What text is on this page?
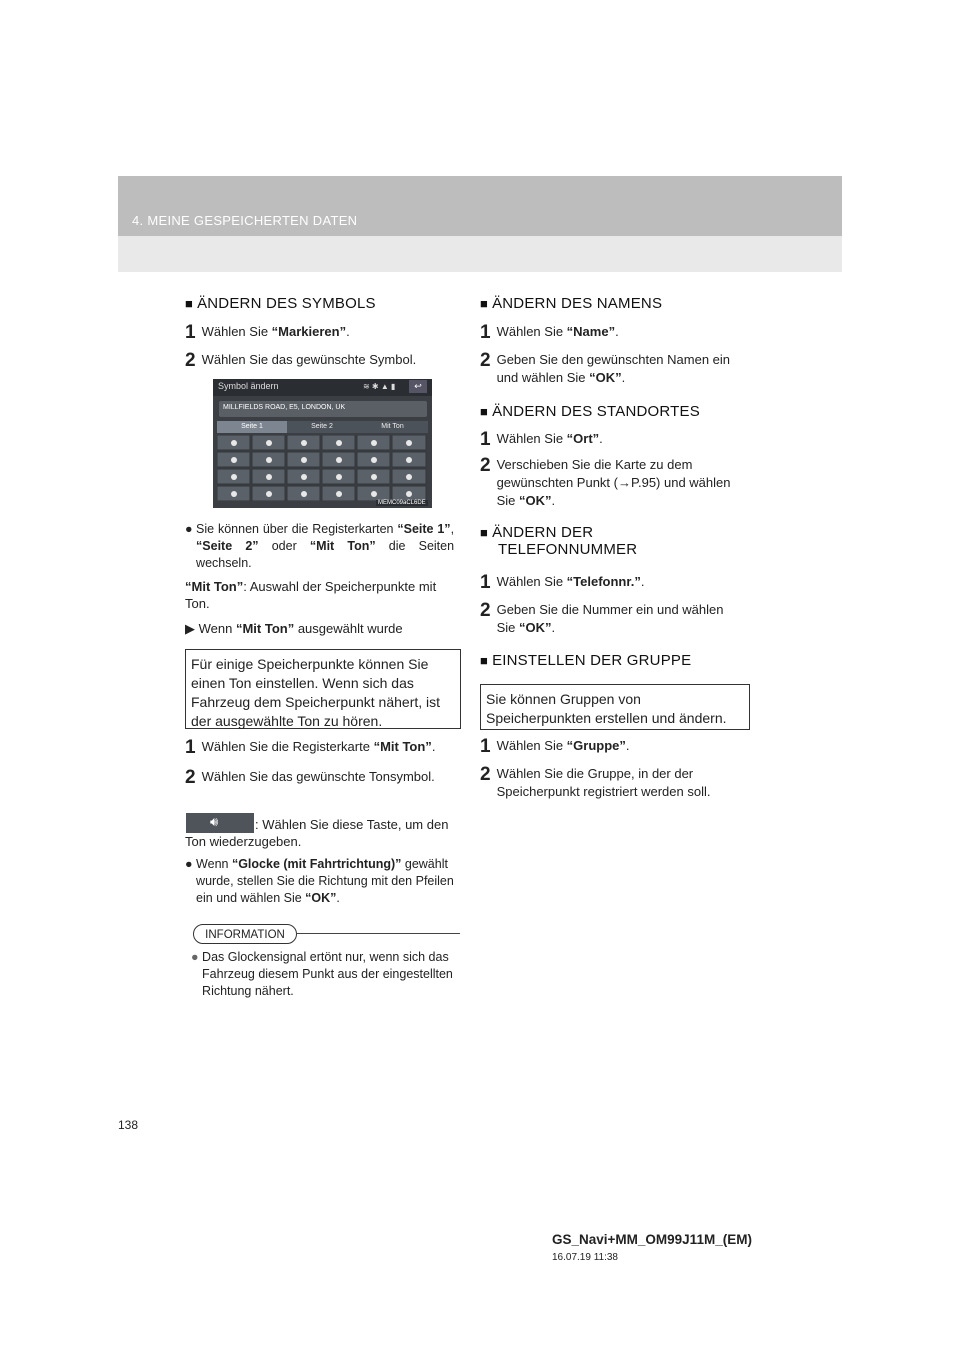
4. MEINE GESPEICHERTEN DATEN
■ ÄNDERN DES SYMBOLS
1 Wählen Sie “Markieren”.
2 Wählen Sie das gewünschte Symbol.
Symbol ändern	≋ ✱ ▲ ▮	↩
MILLFIELDS ROAD, E5, LONDON, UK
Seite 1	Seite 2	Mit Ton
MEMC09aCL6DE
● Sie können über die Registerkarten “Seite 1”, “Seite 2” oder “Mit Ton” die Seiten wechseln.
“Mit Ton”: Auswahl der Speicherpunkte mit Ton.
▶ Wenn “Mit Ton” ausgewählt wurde
Für einige Speicherpunkte können Sie einen Ton einstellen. Wenn sich das Fahrzeug dem Speicherpunkt nähert, ist der ausgewählte Ton zu hören.
1 Wählen Sie die Registerkarte “Mit Ton”.
2 Wählen Sie das gewünschte Tonsymbol.
🔊︎	: Wählen Sie diese Taste, um den Ton wiederzugeben.
● Wenn “Glocke (mit Fahrtrichtung)” gewählt wurde, stellen Sie die Richtung mit den Pfeilen ein und wählen Sie “OK”.
INFORMATION
● Das Glockensignal ertönt nur, wenn sich das Fahrzeug diesem Punkt aus der eingestellten Richtung nähert.
■ ÄNDERN DES NAMENS
1 Wählen Sie “Name”.
2 Geben Sie den gewünschten Namen ein und wählen Sie “OK”.
■ ÄNDERN DES STANDORTES
1 Wählen Sie “Ort”.
2 Verschieben Sie die Karte zu dem gewünschten Punkt (→P.95) und wählen Sie “OK”.
■ ÄNDERN DER
TELEFONNUMMER
1 Wählen Sie “Telefonnr.”.
2 Geben Sie die Nummer ein und wählen Sie “OK”.
■ EINSTELLEN DER GRUPPE
Sie können Gruppen von Speicherpunkten erstellen und ändern.
1 Wählen Sie “Gruppe”.
2 Wählen Sie die Gruppe, in der der Speicherpunkt registriert werden soll.
138
GS_Navi+MM_OM99J11M_(EM)
16.07.19 11:38
